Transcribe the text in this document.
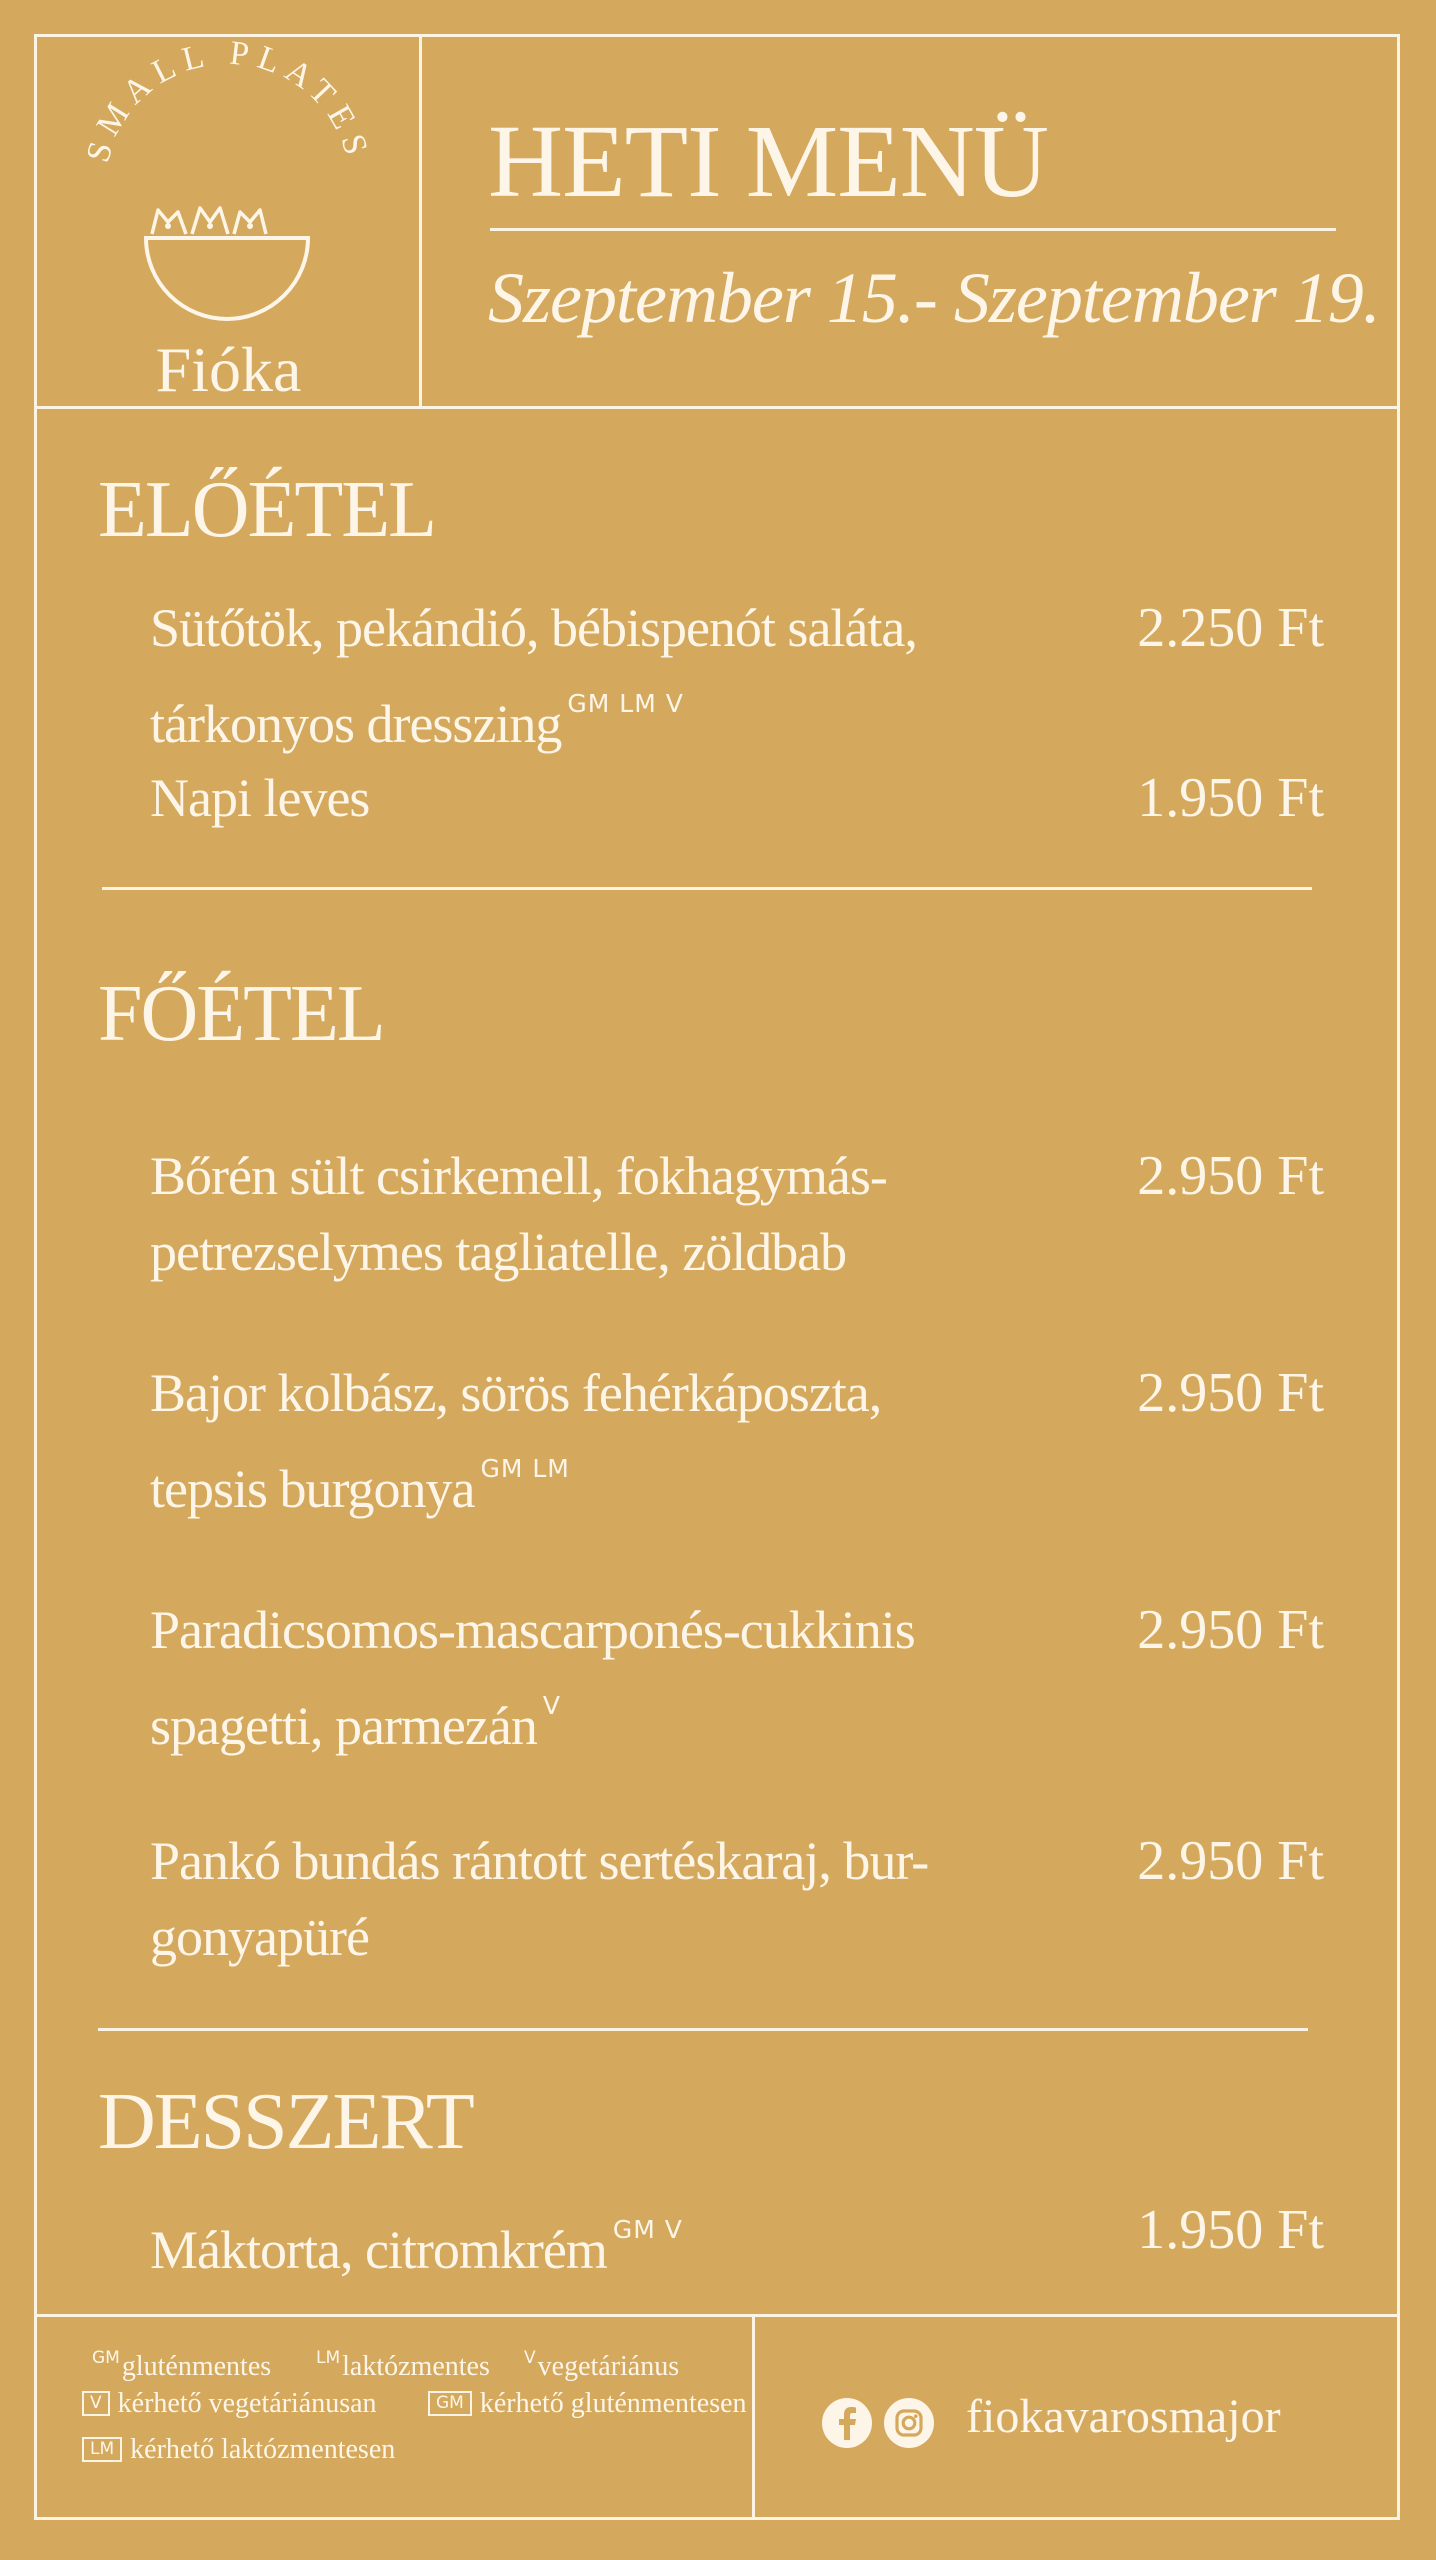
SMALL PLATES
Fióka
HETI MENÜ
Szeptember 15.- Szeptember 19.
ELŐÉTEL
Sütőtök, pekándió, bébispenót saláta,
tárkonyos dresszing $^{GM LM V}$
2.250 Ft
Napi leves	1.950 Ft
FŐÉTEL
Bőrén sült csirkemell, fokhagymás-
petrezselymes tagliatelle, zöldbab
2.950 Ft
Bajor kolbász, sörös fehérkáposzta,
tepsis burgonya $^{GM LM}$
2.950 Ft
Paradicsomos-mascarponés-cukkinis
spagetti, parmezán $^V$
2.950 Ft
Pankó bundás rántott sertéskaraj, bur-
gonyapüré
2.950 Ft
DESSZERT
Máktorta, citromkrém $^{GM V}$	1.950 Ft
$^{GM}$gluténmentes	$^{LM}$laktózmentes $^V$vegetáriánus
V kérhető vegetáriánusan	GM kérhető gluténmentesen
LM kérhető laktózmentesen
fiokavarosmajor
